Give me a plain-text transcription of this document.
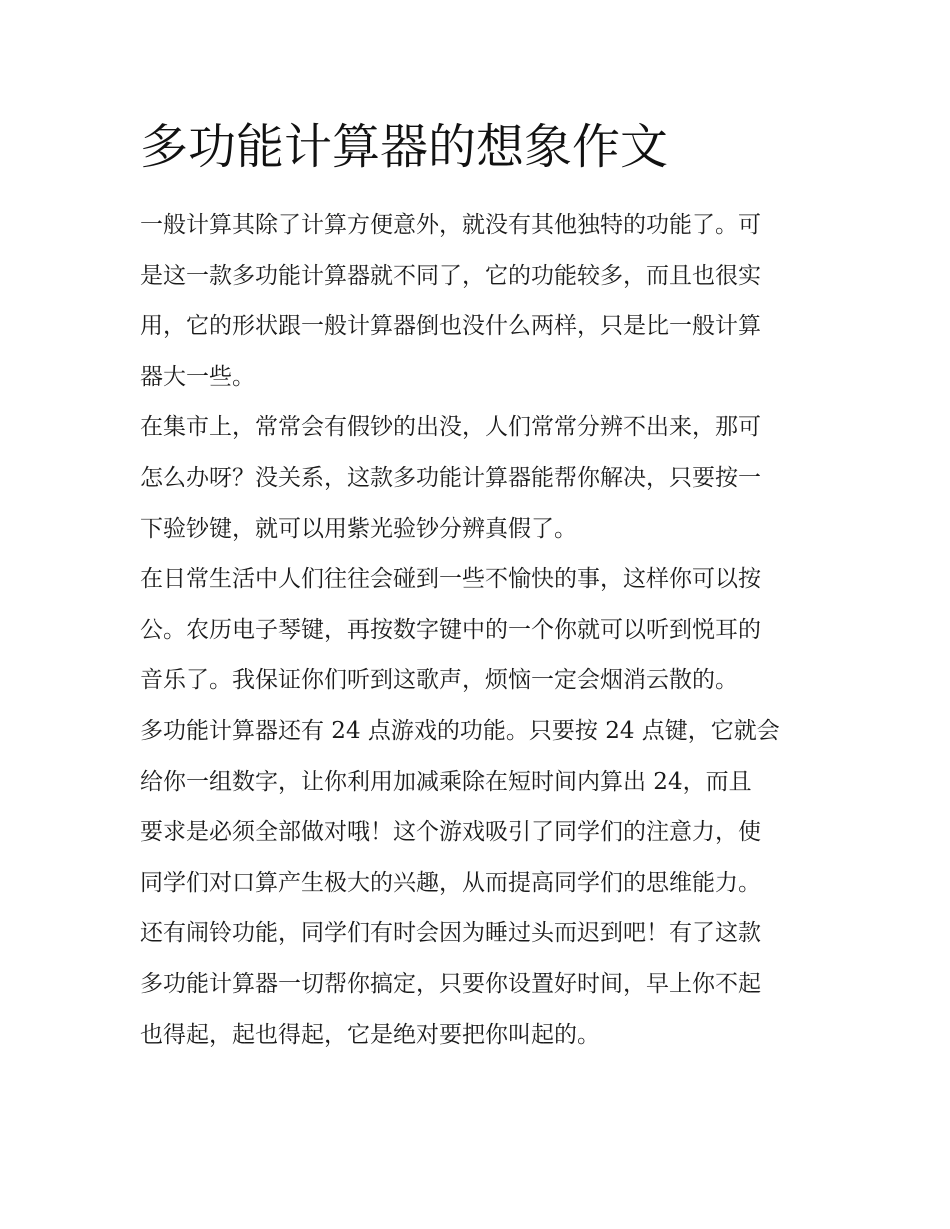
多功能计算器的想象作文
一般计算其除了计算方便意外，就没有其他独特的功能了。可
是这一款多功能计算器就不同了，它的功能较多，而且也很实
用，它的形状跟一般计算器倒也没什么两样，只是比一般计算
器大一些。
在集市上，常常会有假钞的出没，人们常常分辨不出来，那可
怎么办呀？没关系，这款多功能计算器能帮你解决，只要按一
下验钞键，就可以用紫光验钞分辨真假了。
在日常生活中人们往往会碰到一些不愉快的事，这样你可以按
公。农历电子琴键，再按数字键中的一个你就可以听到悦耳的
音乐了。我保证你们听到这歌声，烦恼一定会烟消云散的。
多功能计算器还有 24 点游戏的功能。只要按 24 点键，它就会
给你一组数字，让你利用加减乘除在短时间内算出 24，而且
要求是必须全部做对哦！这个游戏吸引了同学们的注意力，使
同学们对口算产生极大的兴趣，从而提高同学们的思维能力。
还有闹铃功能，同学们有时会因为睡过头而迟到吧！有了这款
多功能计算器一切帮你搞定，只要你设置好时间，早上你不起
也得起，起也得起，它是绝对要把你叫起的。
